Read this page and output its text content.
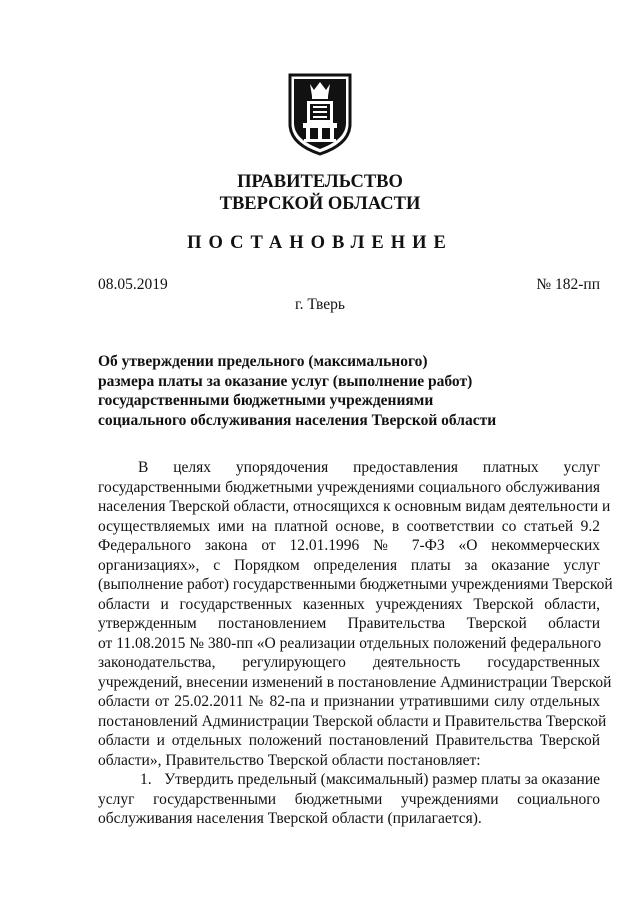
ПРАВИТЕЛЬСТВО
ТВЕРСКОЙ ОБЛАСТИ
ПОСТАНОВЛЕНИЕ
08.05.2019	№ 182-пп
г. Тверь
Об утверждении предельного (максимального)
размера платы за оказание услуг (выполнение работ)
государственными бюджетными учреждениями
социального обслуживания населения Тверской области
В целях упорядочения предоставления платных услуг
государственными бюджетными учреждениями социального обслуживания
населения Тверской области, относящихся к основным видам деятельности и
осуществляемых ими на платной основе, в соответствии со статьей 9.2
Федерального закона от 12.01.1996 № 7-ФЗ «О некоммерческих
организациях», с Порядком определения платы за оказание услуг
(выполнение работ) государственными бюджетными учреждениями Тверской
области и государственных казенных учреждениях Тверской области,
утвержденным постановлением Правительства Тверской области
от 11.08.2015 № 380-пп «О реализации отдельных положений федерального
законодательства, регулирующего деятельность государственных
учреждений, внесении изменений в постановление Администрации Тверской
области от 25.02.2011 № 82-па и признании утратившими силу отдельных
постановлений Администрации Тверской области и Правительства Тверской
области и отдельных положений постановлений Правительства Тверской
области», Правительство Тверской области постановляет:
1. Утвердить предельный (максимальный) размер платы за оказание
услуг государственными бюджетными учреждениями социального
обслуживания населения Тверской области (прилагается).
